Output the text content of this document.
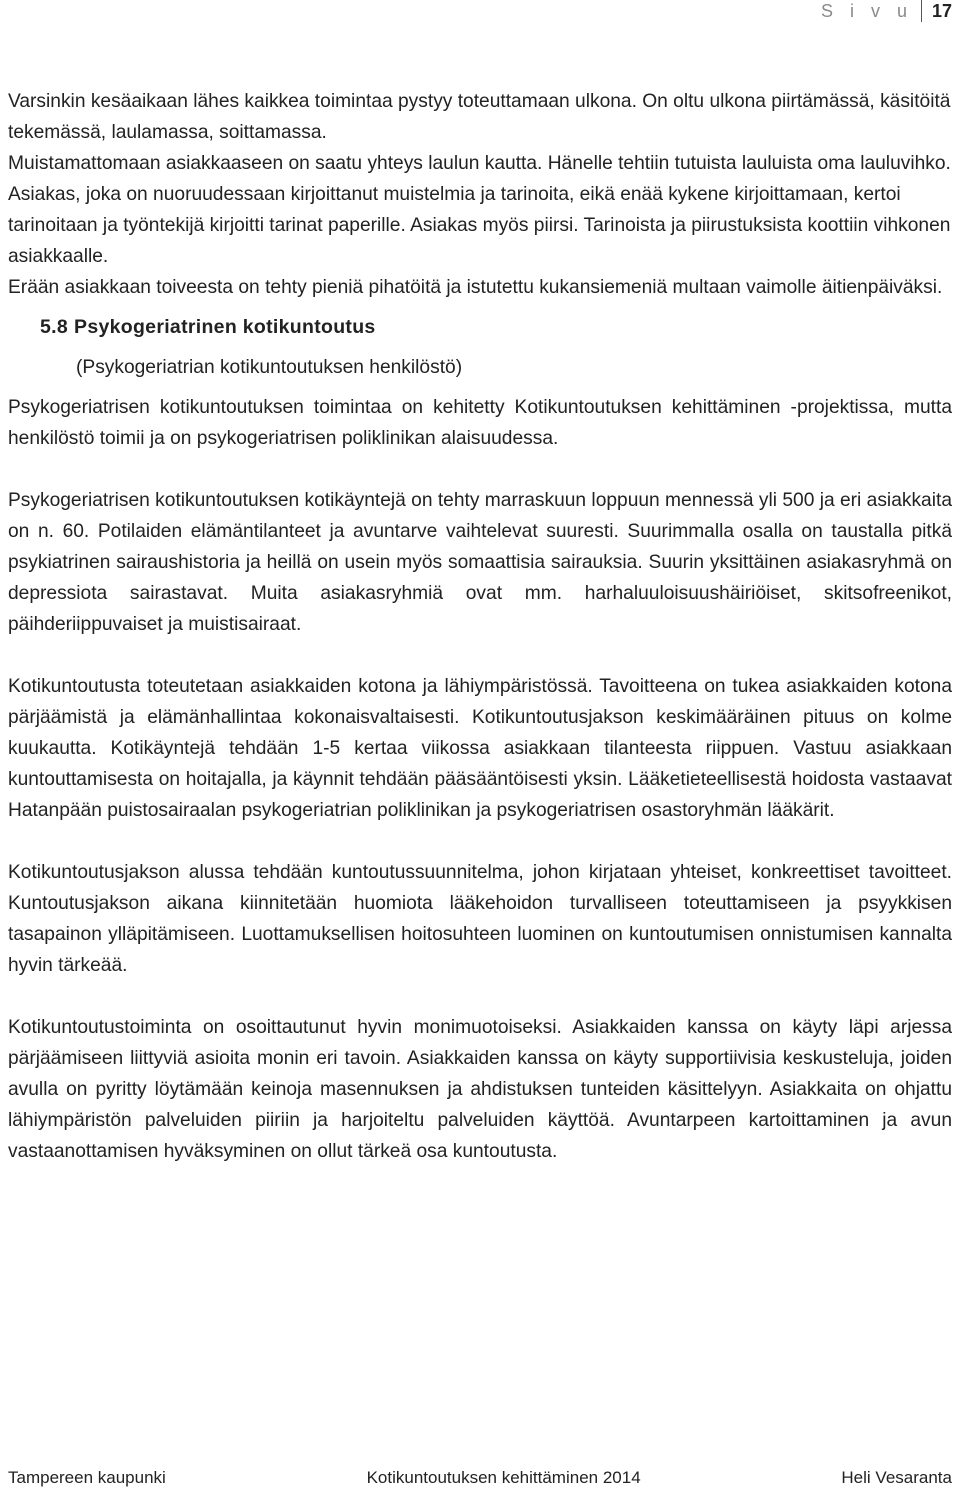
S i v u 17

Varsinkin kesäaikaan lähes kaikkea toimintaa pystyy toteuttamaan ulkona. On oltu ulkona piirtämässä, käsitöitä tekemässä, laulamassa, soittamassa.

Muistamattomaan asiakkaaseen on saatu yhteys laulun kautta. Hänelle tehtiin tutuista lauluista oma lauluvihko.

Asiakas, joka on nuoruudessaan kirjoittanut muistelmia ja tarinoita, eikä enää kykene kirjoittamaan, kertoi tarinoitaan ja työntekijä kirjoitti tarinat paperille. Asiakas myös piirsi. Tarinoista ja piirustuksista koottiin vihkonen asiakkaalle.

Erään asiakkaan toiveesta on tehty pieniä pihatöitä ja istutettu kukansiemeniä multaan vaimolle äitienpäiväksi.

5.8 Psykogeriatrinen kotikuntoutus
(Psykogeriatrian kotikuntoutuksen henkilöstö)

Psykogeriatrisen kotikuntoutuksen toimintaa on kehitetty Kotikuntoutuksen kehittäminen -projektissa, mutta henkilöstö toimii ja on psykogeriatrisen poliklinikan alaisuudessa.

Psykogeriatrisen kotikuntoutuksen kotikäyntejä on tehty marraskuun loppuun mennessä yli 500 ja eri asiakkaita on n. 60. Potilaiden elämäntilanteet ja avuntarve vaihtelevat suuresti. Suurimmalla osalla on taustalla pitkä psykiatrinen sairaushistoria ja heillä on usein myös somaattisia sairauksia. Suurin yksittäinen asiakasryhmä on depressiota sairastavat. Muita asiakasryhmiä ovat mm. harhaluuloisuushäiriöiset, skitsofreenikot, päihderiippuvaiset ja muistisairaat.

Kotikuntoutusta toteutetaan asiakkaiden kotona ja lähiympäristössä. Tavoitteena on tukea asiakkaiden kotona pärjäämistä ja elämänhallintaa kokonaisvaltaisesti. Kotikuntoutusjakson keskimääräinen pituus on kolme kuukautta. Kotikäyntejä tehdään 1-5 kertaa viikossa asiakkaan tilanteesta riippuen. Vastuu asiakkaan kuntouttamisesta on hoitajalla, ja käynnit tehdään pääsääntöisesti yksin. Lääketieteellisestä hoidosta vastaavat Hatanpään puistosairaalan psykogeriatrian poliklinikan ja psykogeriatrisen osastoryhmän lääkärit.

Kotikuntoutusjakson alussa tehdään kuntoutussuunnitelma, johon kirjataan yhteiset, konkreettiset tavoitteet. Kuntoutusjakson aikana kiinnitetään huomiota lääkehoidon turvalliseen toteuttamiseen ja psyykkisen tasapainon ylläpitämiseen. Luottamuksellisen hoitosuhteen luominen on kuntoutumisen onnistumisen kannalta hyvin tärkeää.

Kotikuntoutustoiminta on osoittautunut hyvin monimuotoiseksi. Asiakkaiden kanssa on käyty läpi arjessa pärjäämiseen liittyviä asioita monin eri tavoin. Asiakkaiden kanssa on käyty supportiivisia keskusteluja, joiden avulla on pyritty löytämään keinoja masennuksen ja ahdistuksen tunteiden käsittelyyn. Asiakkaita on ohjattu lähiympäristön palveluiden piiriin ja harjoiteltu palveluiden käyttöä. Avuntarpeen kartoittaminen ja avun vastaanottamisen hyväksyminen on ollut tärkeä osa kuntoutusta.

Tampereen kaupunki	Kotikuntoutuksen kehittäminen 2014	Heli Vesaranta
